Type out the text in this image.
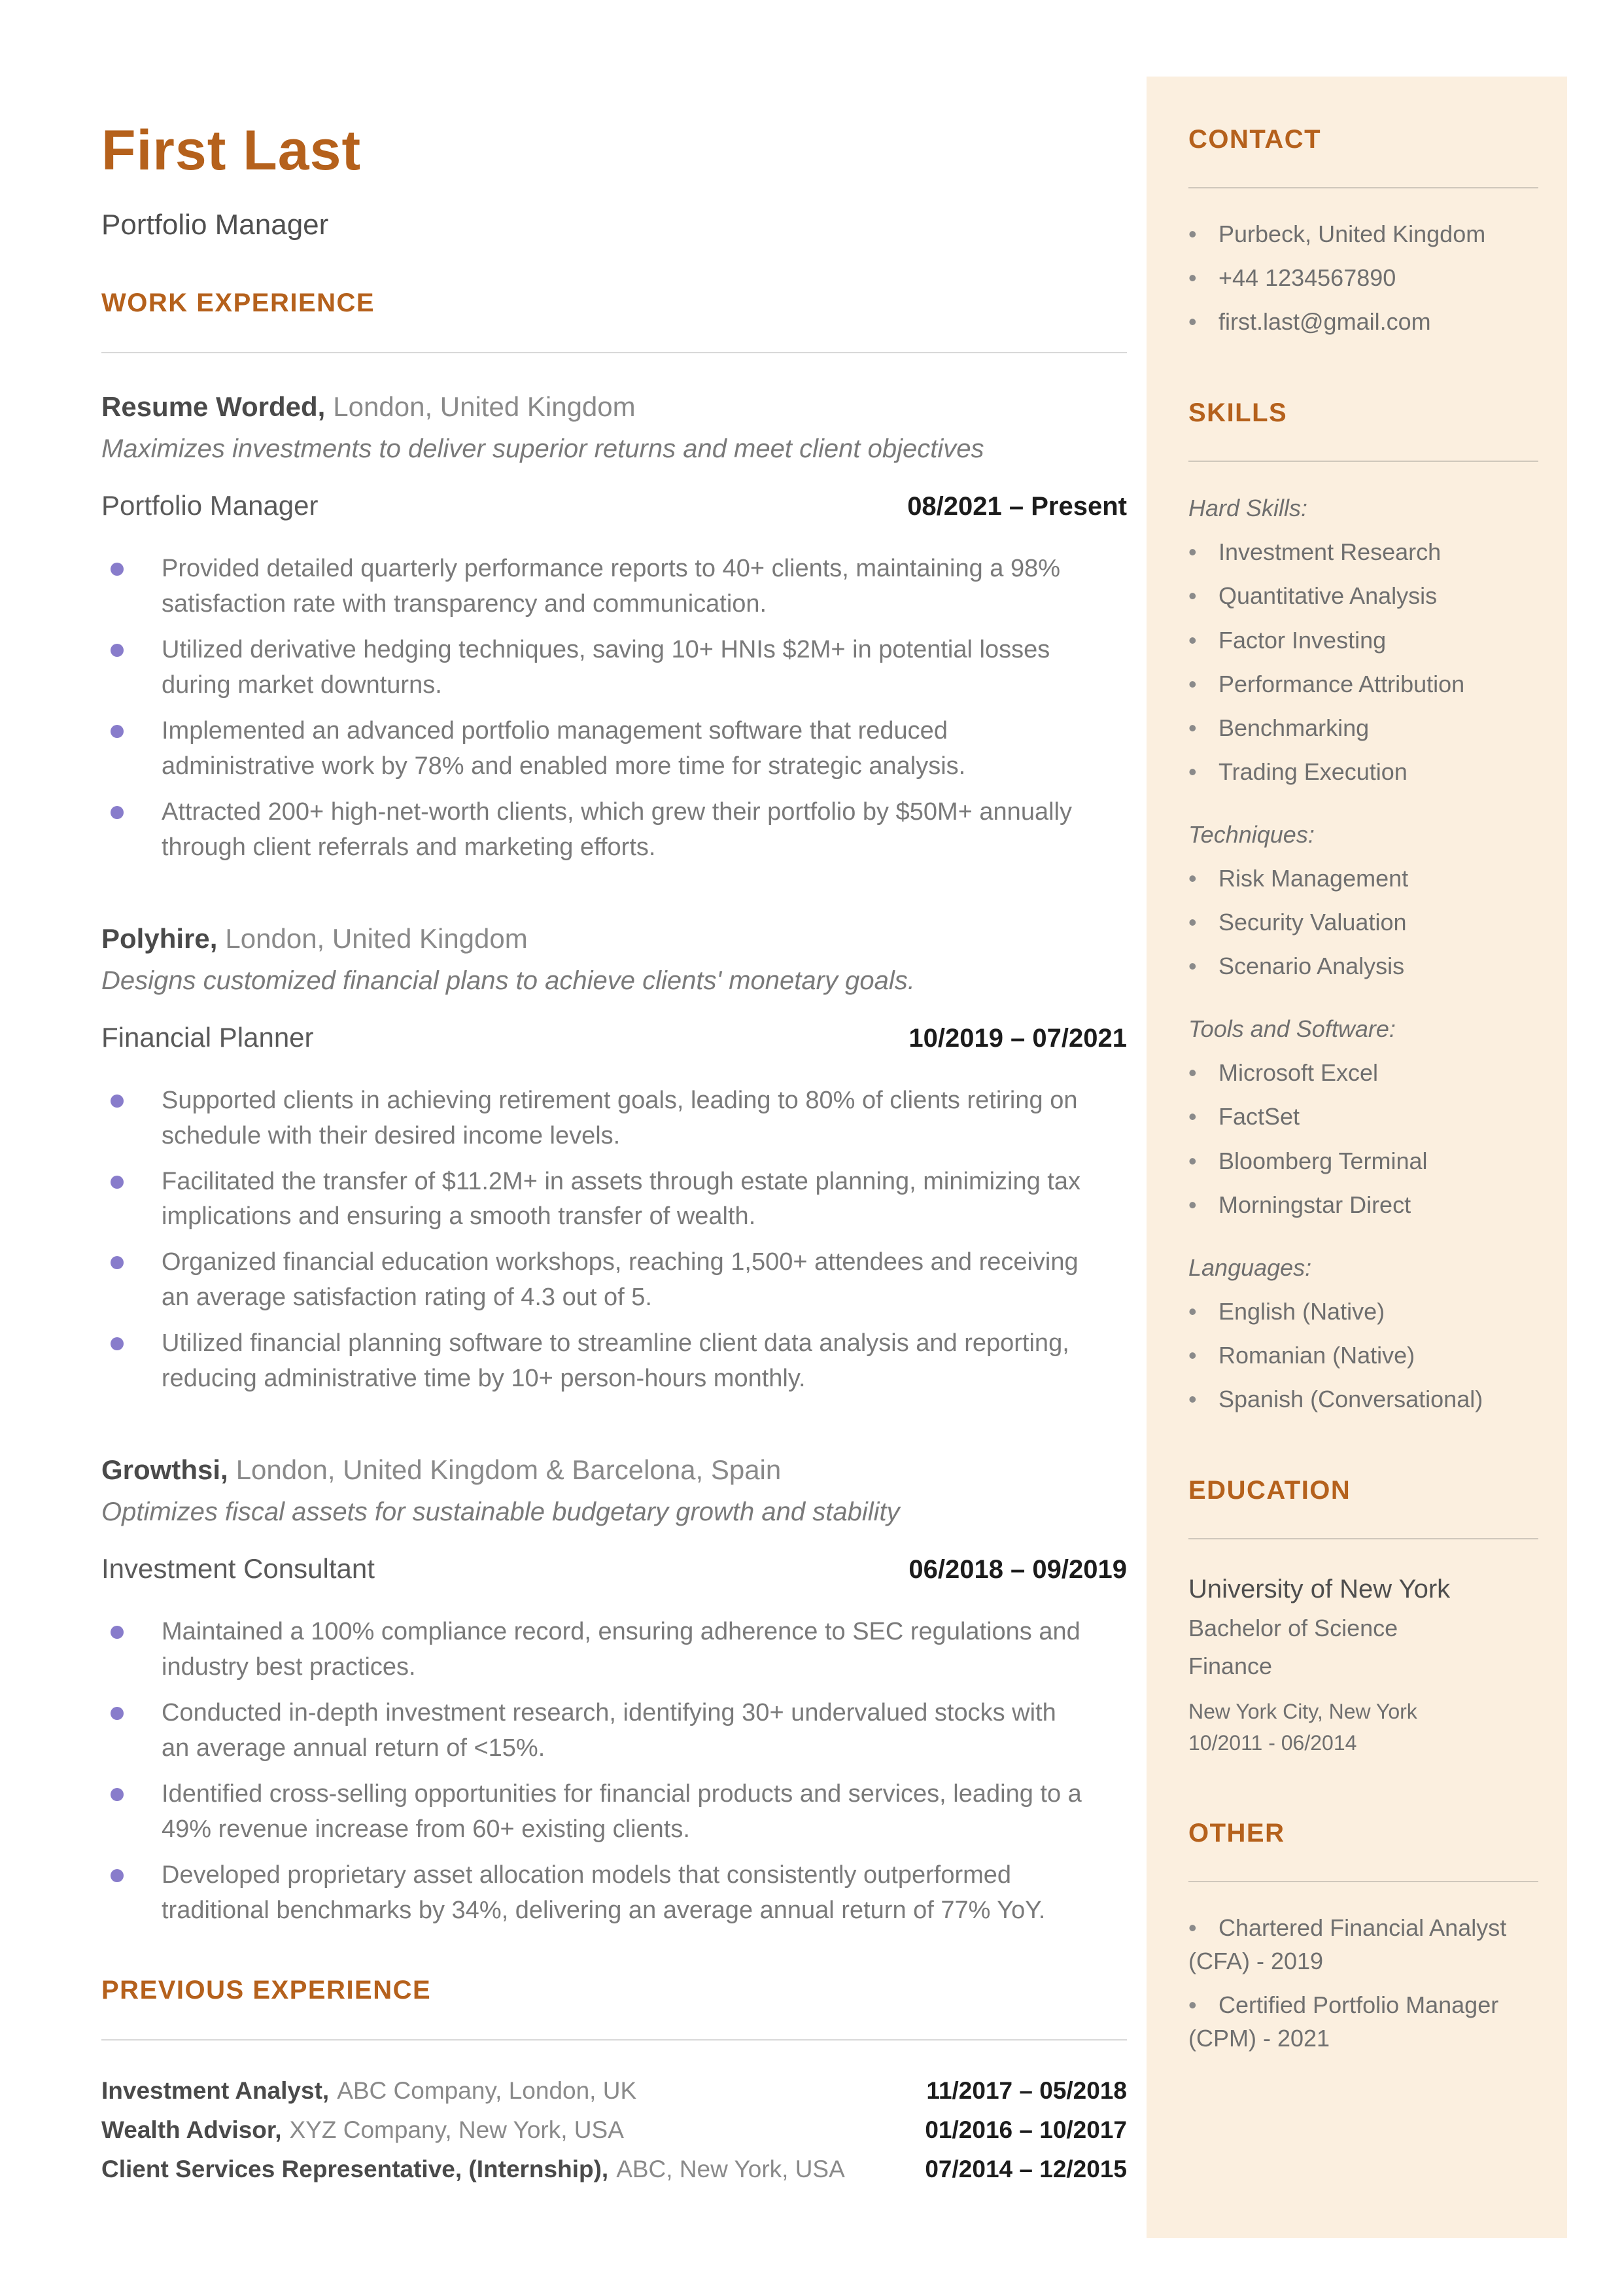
First Last
Portfolio Manager
WORK EXPERIENCE
Resume Worded, London, United Kingdom
Maximizes investments to deliver superior returns and meet client objectives
Portfolio Manager	08/2021 – Present
Provided detailed quarterly performance reports to 40+ clients, maintaining a 98% satisfaction rate with transparency and communication.
Utilized derivative hedging techniques, saving 10+ HNIs $2M+ in potential losses during market downturns.
Implemented an advanced portfolio management software that reduced administrative work by 78% and enabled more time for strategic analysis.
Attracted 200+ high-net-worth clients, which grew their portfolio by $50M+ annually through client referrals and marketing efforts.
Polyhire, London, United Kingdom
Designs customized financial plans to achieve clients' monetary goals.
Financial Planner	10/2019 – 07/2021
Supported clients in achieving retirement goals, leading to 80% of clients retiring on schedule with their desired income levels.
Facilitated the transfer of $11.2M+ in assets through estate planning, minimizing tax implications and ensuring a smooth transfer of wealth.
Organized financial education workshops, reaching 1,500+ attendees and receiving an average satisfaction rating of 4.3 out of 5.
Utilized financial planning software to streamline client data analysis and reporting, reducing administrative time by 10+ person-hours monthly.
Growthsi, London, United Kingdom & Barcelona, Spain
Optimizes fiscal assets for sustainable budgetary growth and stability
Investment Consultant	06/2018 – 09/2019
Maintained a 100% compliance record, ensuring adherence to SEC regulations and industry best practices.
Conducted in-depth investment research, identifying 30+ undervalued stocks with an average annual return of <15%.
Identified cross-selling opportunities for financial products and services, leading to a 49% revenue increase from 60+ existing clients.
Developed proprietary asset allocation models that consistently outperformed traditional benchmarks by 34%, delivering an average annual return of 77% YoY.
PREVIOUS EXPERIENCE
Investment Analyst, ABC Company, London, UK	11/2017 – 05/2018
Wealth Advisor, XYZ Company, New York, USA	01/2016 – 10/2017
Client Services Representative, (Internship), ABC, New York, USA	07/2014 – 12/2015
CONTACT
• Purbeck, United Kingdom
• +44 1234567890
• first.last@gmail.com
SKILLS
Hard Skills:
• Investment Research
• Quantitative Analysis
• Factor Investing
• Performance Attribution
• Benchmarking
• Trading Execution
Techniques:
• Risk Management
• Security Valuation
• Scenario Analysis
Tools and Software:
• Microsoft Excel
• FactSet
• Bloomberg Terminal
• Morningstar Direct
Languages:
• English (Native)
• Romanian (Native)
• Spanish (Conversational)
EDUCATION
University of New York
Bachelor of Science
Finance
New York City, New York
10/2011 - 06/2014
OTHER
• Chartered Financial Analyst (CFA) - 2019
• Certified Portfolio Manager (CPM) - 2021
